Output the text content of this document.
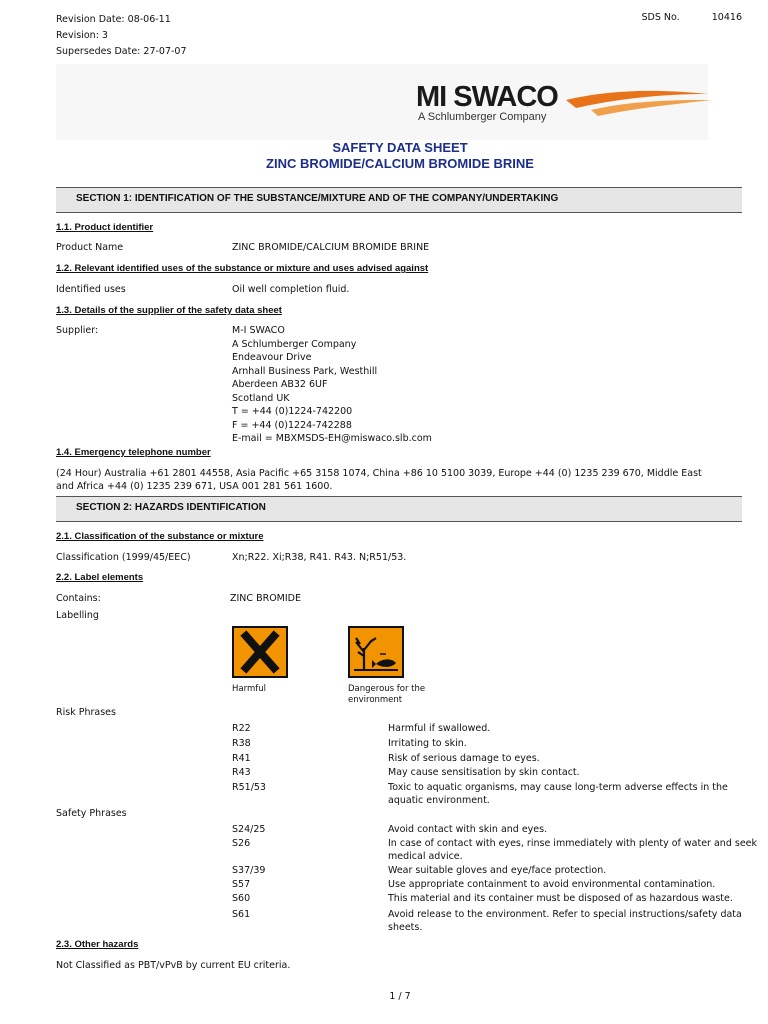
Revision Date: 08-06-11
Revision: 3
Supersedes Date: 27-07-07
SDS No.	10416
MI SWACO
A Schlumberger Company
SAFETY DATA SHEET
ZINC BROMIDE/CALCIUM BROMIDE BRINE
SECTION 1: IDENTIFICATION OF THE SUBSTANCE/MIXTURE AND OF THE COMPANY/UNDERTAKING
1.1. Product identifier
Product Name	ZINC BROMIDE/CALCIUM BROMIDE BRINE
1.2. Relevant identified uses of the substance or mixture and uses advised against
Identified uses	Oil well completion fluid.
1.3. Details of the supplier of the safety data sheet
Supplier:	M-I SWACO
A Schlumberger Company
Endeavour Drive
Arnhall Business Park, Westhill
Aberdeen AB32 6UF
Scotland UK
T = +44 (0)1224-742200
F = +44 (0)1224-742288
E-mail = MBXMSDS-EH@miswaco.slb.com
1.4. Emergency telephone number
(24 Hour) Australia +61 2801 44558, Asia Pacific +65 3158 1074, China +86 10 5100 3039, Europe +44 (0) 1235 239 670, Middle East
and Africa +44 (0) 1235 239 671, USA 001 281 561 1600.
SECTION 2: HAZARDS IDENTIFICATION
2.1. Classification of the substance or mixture
Classification (1999/45/EEC)	Xn;R22. Xi;R38, R41. R43. N;R51/53.
2.2. Label elements
Contains:	ZINC BROMIDE
Labelling
Harmful	Dangerous for the
environment
Risk Phrases
R22	Harmful if swallowed.
R38	Irritating to skin.
R41	Risk of serious damage to eyes.
R43	May cause sensitisation by skin contact.
R51/53	Toxic to aquatic organisms, may cause long-term adverse effects in the
aquatic environment.
Safety Phrases
S24/25	Avoid contact with skin and eyes.
S26	In case of contact with eyes, rinse immediately with plenty of water and seek
medical advice.
S37/39	Wear suitable gloves and eye/face protection.
S57	Use appropriate containment to avoid environmental contamination.
S60	This material and its container must be disposed of as hazardous waste.
S61	Avoid release to the environment. Refer to special instructions/safety data
sheets.
2.3. Other hazards
Not Classified as PBT/vPvB by current EU criteria.
1 / 7
